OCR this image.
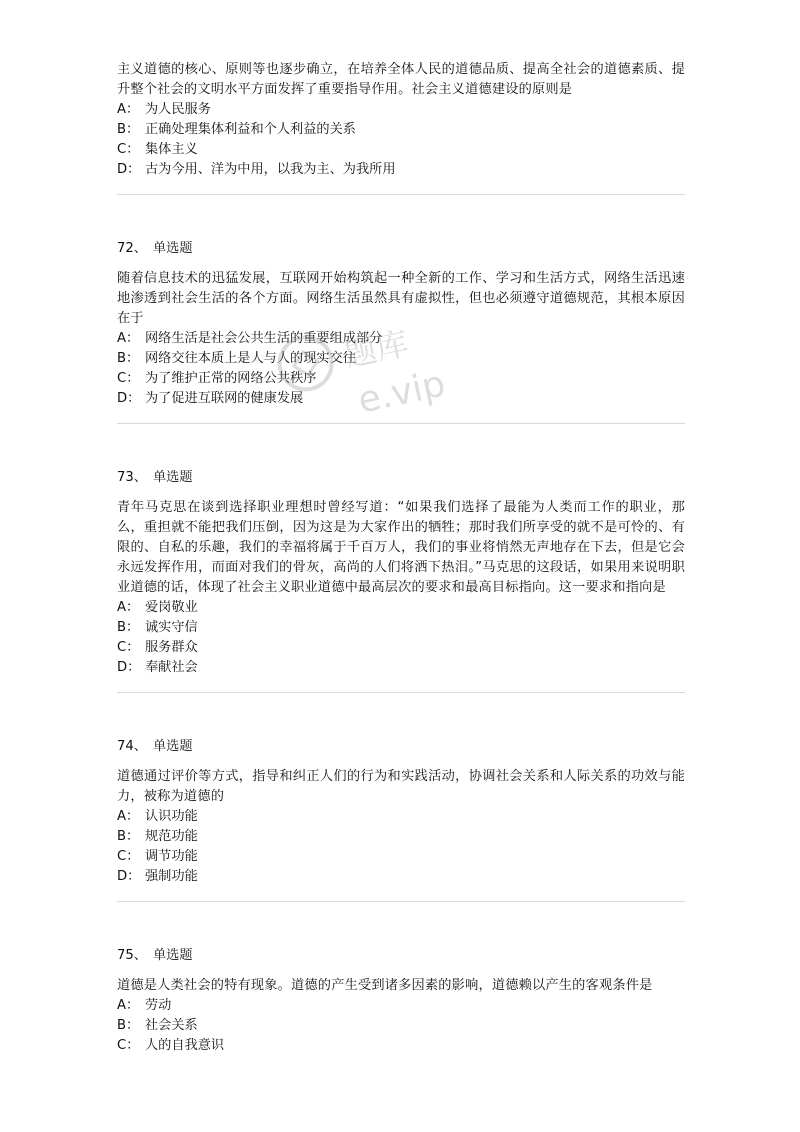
主义道德的核心、原则等也逐步确立，在培养全体人民的道德品质、提高全社会的道德素质、提升整个社会的文明水平方面发挥了重要指导作用。社会主义道德建设的原则是
A： 为人民服务
B： 正确处理集体利益和个人利益的关系
C： 集体主义
D： 古为今用、洋为中用，以我为主、为我所用
72、 单选题
随着信息技术的迅猛发展，互联网开始构筑起一种全新的工作、学习和生活方式，网络生活迅速地渗透到社会生活的各个方面。网络生活虽然具有虚拟性，但也必须遵守道德规范，其根本原因在于
A： 网络生活是社会公共生活的重要组成部分
B： 网络交往本质上是人与人的现实交往
C： 为了维护正常的网络公共秩序
D： 为了促进互联网的健康发展
73、 单选题
青年马克思在谈到选择职业理想时曾经写道：“如果我们选择了最能为人类而工作的职业，那么，重担就不能把我们压倒，因为这是为大家作出的牺牲；那时我们所享受的就不是可怜的、有限的、自私的乐趣，我们的幸福将属于千百万人，我们的事业将悄然无声地存在下去，但是它会永远发挥作用，而面对我们的骨灰，高尚的人们将洒下热泪。”马克思的这段话，如果用来说明职业道德的话，体现了社会主义职业道德中最高层次的要求和最高目标指向。这一要求和指向是
A： 爱岗敬业
B： 诚实守信
C： 服务群众
D： 奉献社会
74、 单选题
道德通过评价等方式，指导和纠正人们的行为和实践活动，协调社会关系和人际关系的功效与能力，被称为道德的
A： 认识功能
B： 规范功能
C： 调节功能
D： 强制功能
75、 单选题
道德是人类社会的特有现象。道德的产生受到诸多因素的影响，道德赖以产生的客观条件是
A： 劳动
B： 社会关系
C： 人的自我意识
题库
e.vip
